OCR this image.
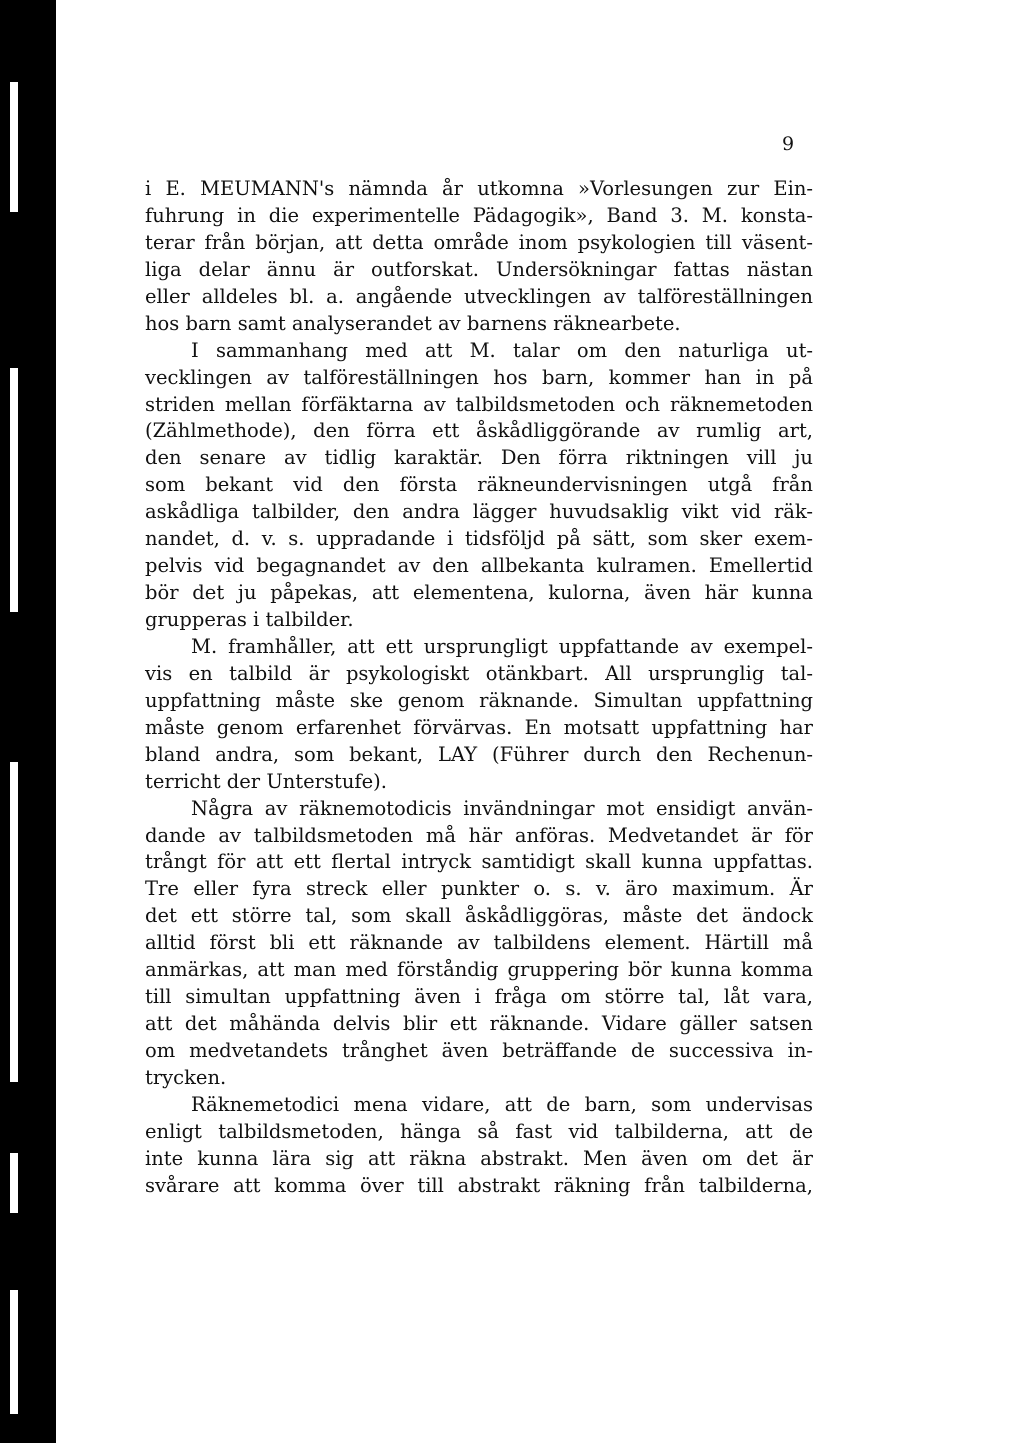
9
i E. MEUMANN's nämnda år utkomna »Vorlesungen zur Ein-
fuhrung in die experimentelle Pädagogik», Band 3. M. konsta-
terar från början, att detta område inom psykologien till väsent-
liga delar ännu är outforskat. Undersökningar fattas nästan
eller alldeles bl. a. angående utvecklingen av talföreställningen
hos barn samt analyserandet av barnens räknearbete.
I sammanhang med att M. talar om den naturliga ut-
vecklingen av talföreställningen hos barn, kommer han in på
striden mellan förfäktarna av talbildsmetoden och räknemetoden
(Zählmethode), den förra ett åskådliggörande av rumlig art,
den senare av tidlig karaktär. Den förra riktningen vill ju
som bekant vid den första räkneundervisningen utgå från
askådliga talbilder, den andra lägger huvudsaklig vikt vid räk-
nandet, d. v. s. uppradande i tidsföljd på sätt, som sker exem-
pelvis vid begagnandet av den allbekanta kulramen. Emellertid
bör det ju påpekas, att elementena, kulorna, även här kunna
grupperas i talbilder.
M. framhåller, att ett ursprungligt uppfattande av exempel-
vis en talbild är psykologiskt otänkbart. All ursprunglig tal-
uppfattning måste ske genom räknande. Simultan uppfattning
måste genom erfarenhet förvärvas. En motsatt uppfattning har
bland andra, som bekant, LAY (Führer durch den Rechenun-
terricht der Unterstufe).
Några av räknemotodicis invändningar mot ensidigt använ-
dande av talbildsmetoden må här anföras. Medvetandet är för
trångt för att ett flertal intryck samtidigt skall kunna uppfattas.
Tre eller fyra streck eller punkter o. s. v. äro maximum. Är
det ett större tal, som skall åskådliggöras, måste det ändock
alltid först bli ett räknande av talbildens element. Härtill må
anmärkas, att man med förståndig gruppering bör kunna komma
till simultan uppfattning även i fråga om större tal, låt vara,
att det måhända delvis blir ett räknande. Vidare gäller satsen
om medvetandets trånghet även beträffande de successiva in-
trycken.
Räknemetodici mena vidare, att de barn, som undervisas
enligt talbildsmetoden, hänga så fast vid talbilderna, att de
inte kunna lära sig att räkna abstrakt. Men även om det är
svårare att komma över till abstrakt räkning från talbilderna,
